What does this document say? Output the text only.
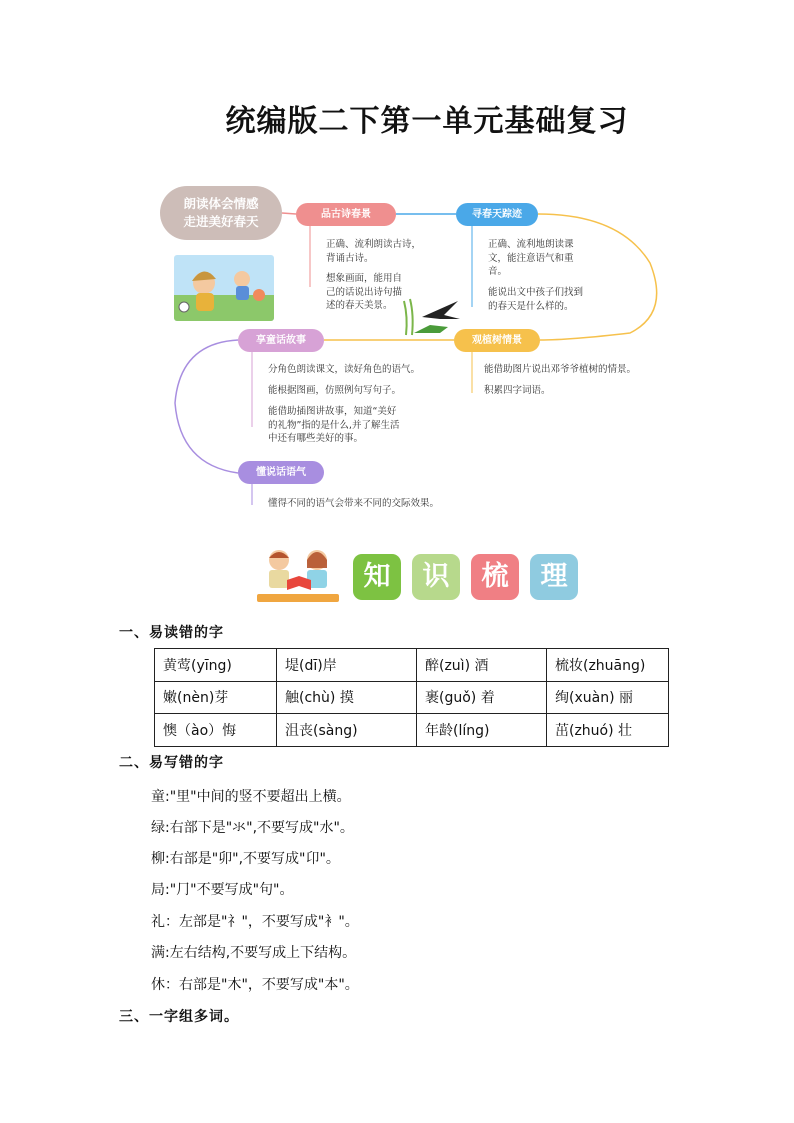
统编版二下第一单元基础复习
朗读体会情感
走进美好春天	品古诗春景	寻春天踪迹
观植树情景
享童话故事
懂说话语气
正确、流利朗读古诗，
背诵古诗。
想象画面，能用自
己的话说出诗句描
述的春天美景。
正确、流利地朗读课
文，能注意语气和重
音。
能说出文中孩子们找到
的春天是什么样的。
能借助图片说出邓爷爷植树的情景。
积累四字词语。
分角色朗读课文，读好角色的语气。
能根据图画，仿照例句写句子。
能借助插图讲故事，知道“美好
的礼物”指的是什么,并了解生活
中还有哪些美好的事。
懂得不同的语气会带来不同的交际效果。
知	识	梳	理
一、易读错的字
黄莺(yīng)	堤(dī)岸	醉(zuì) 酒	梳妆(zhuāng)
嫩(nèn)芽	触(chù) 摸	裹(guǒ) 着	绚(xuàn) 丽
懊（ào）悔	沮丧(sàng)	年龄(líng)	茁(zhuó) 壮
二、易写错的字
童:"里"中间的竖不要超出上横。
绿:右部下是"氺",不要写成"水"。
柳:右部是"卯",不要写成"卬"。
局:"⺆"不要写成"句"。
礼：左部是"礻"，不要写成"衤"。
满:左右结构,不要写成上下结构。
休：右部是"木"，不要写成"本"。
三、一字组多词。
